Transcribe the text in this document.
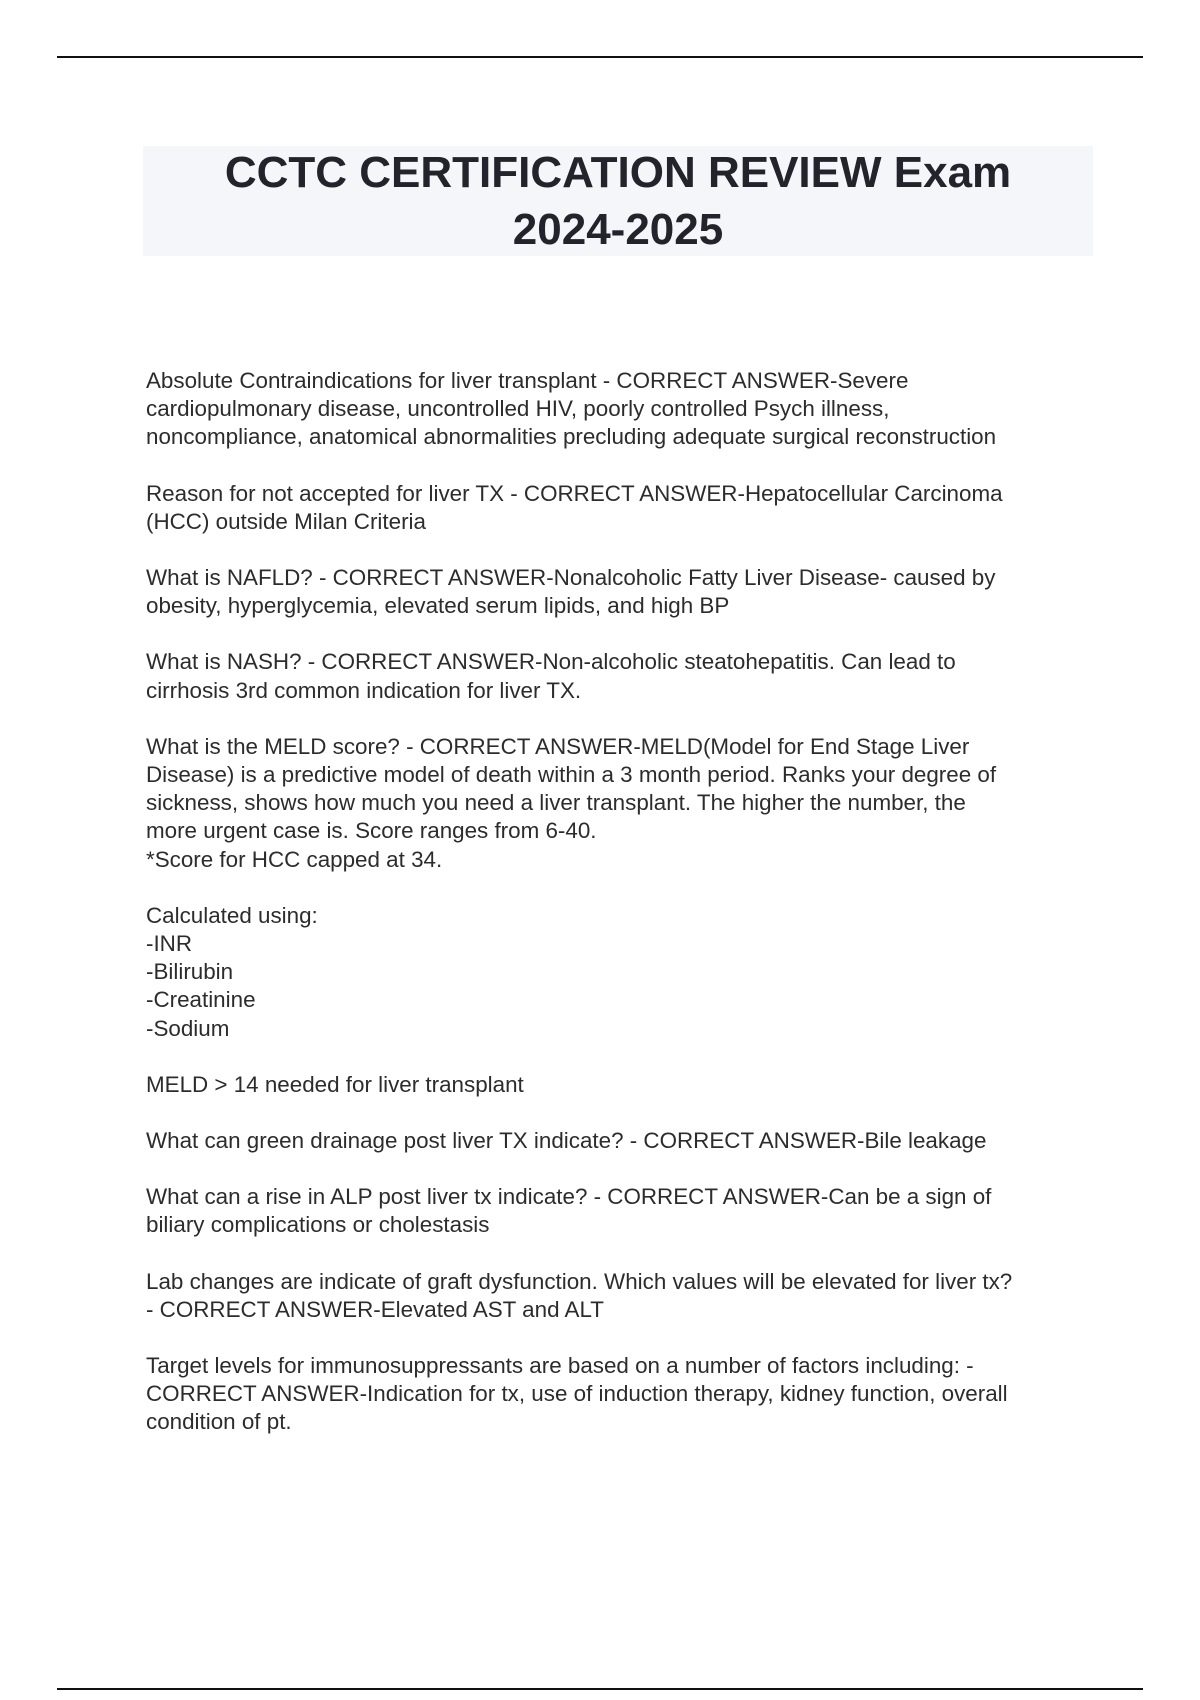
CCTC CERTIFICATION REVIEW Exam
2024-2025

Absolute Contraindications for liver transplant - CORRECT ANSWER-Severe
cardiopulmonary disease, uncontrolled HIV, poorly controlled Psych illness,
noncompliance, anatomical abnormalities precluding adequate surgical reconstruction

Reason for not accepted for liver TX - CORRECT ANSWER-Hepatocellular Carcinoma
(HCC) outside Milan Criteria

What is NAFLD? - CORRECT ANSWER-Nonalcoholic Fatty Liver Disease- caused by
obesity, hyperglycemia, elevated serum lipids, and high BP

What is NASH? - CORRECT ANSWER-Non-alcoholic steatohepatitis. Can lead to
cirrhosis 3rd common indication for liver TX.

What is the MELD score? - CORRECT ANSWER-MELD(Model for End Stage Liver
Disease) is a predictive model of death within a 3 month period. Ranks your degree of
sickness, shows how much you need a liver transplant. The higher the number, the
more urgent case is. Score ranges from 6-40.
*Score for HCC capped at 34.

Calculated using:
-INR
-Bilirubin
-Creatinine
-Sodium

MELD > 14 needed for liver transplant

What can green drainage post liver TX indicate? - CORRECT ANSWER-Bile leakage

What can a rise in ALP post liver tx indicate? - CORRECT ANSWER-Can be a sign of
biliary complications or cholestasis

Lab changes are indicate of graft dysfunction. Which values will be elevated for liver tx?
- CORRECT ANSWER-Elevated AST and ALT

Target levels for immunosuppressants are based on a number of factors including: -
CORRECT ANSWER-Indication for tx, use of induction therapy, kidney function, overall
condition of pt.
